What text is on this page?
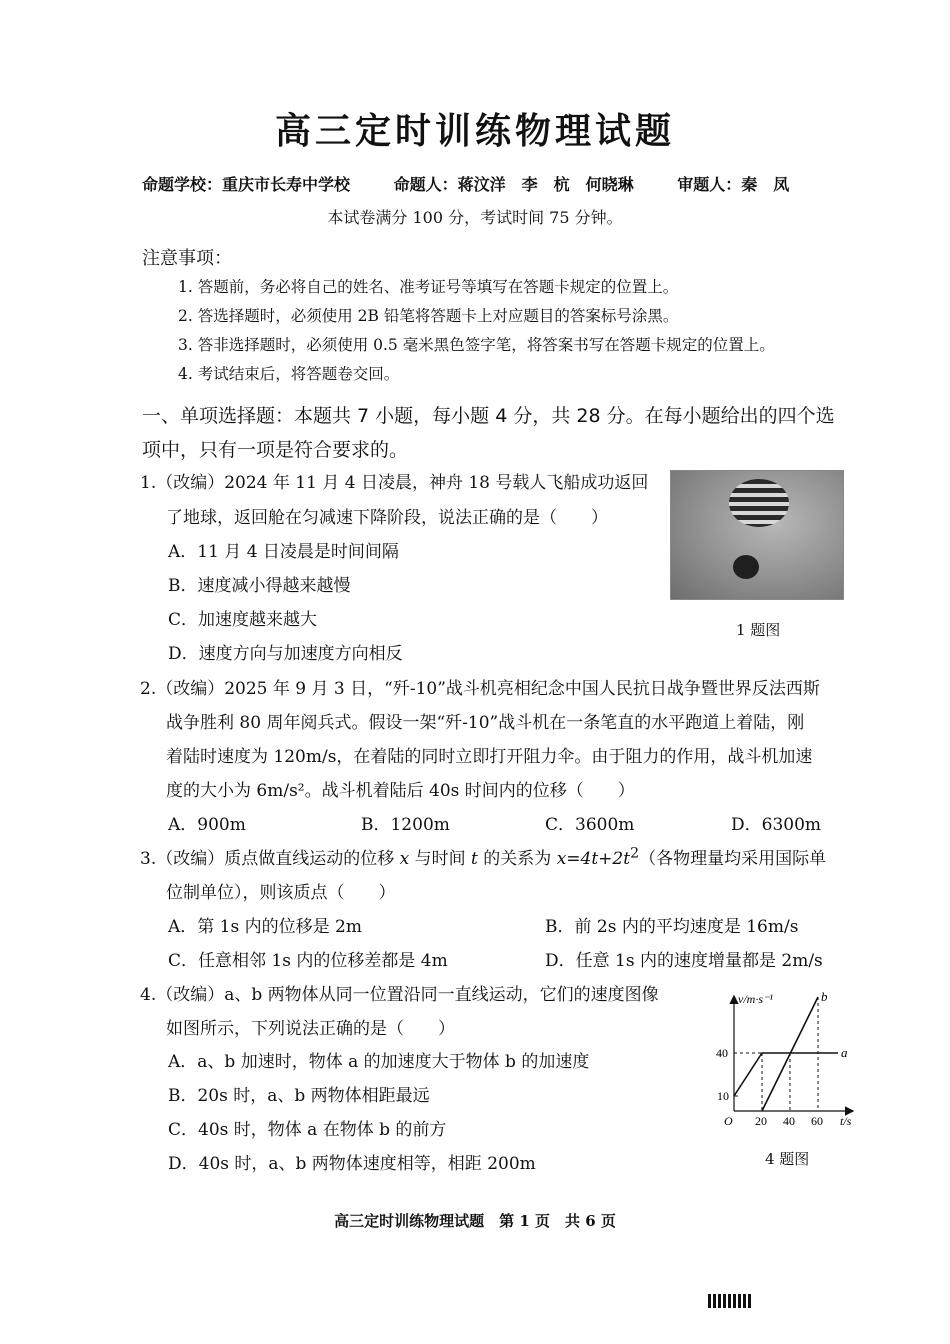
高三定时训练物理试题
命题学校：重庆市长寿中学校	命题人：蒋汶洋　李　杭　何晓琳	审题人：秦　凤
本试卷满分 100 分，考试时间 75 分钟。
注意事项：
1. 答题前，务必将自己的姓名、准考证号等填写在答题卡规定的位置上。
2. 答选择题时，必须使用 2B 铅笔将答题卡上对应题目的答案标号涂黑。
3. 答非选择题时，必须使用 0.5 毫米黑色签字笔，将答案书写在答题卡规定的位置上。
4. 考试结束后，将答题卷交回。
一、单项选择题：本题共 7 小题，每小题 4 分，共 28 分。在每小题给出的四个选项中，只有一项是符合要求的。
1.（改编）2024 年 11 月 4 日凌晨，神舟 18 号载人飞船成功返回
了地球，返回舱在匀减速下降阶段，说法正确的是（　　）
A．11 月 4 日凌晨是时间间隔
B．速度减小得越来越慢
C．加速度越来越大
D．速度方向与加速度方向相反
1 题图
2.（改编）2025 年 9 月 3 日，“歼-10”战斗机亮相纪念中国人民抗日战争暨世界反法西斯
战争胜利 80 周年阅兵式。假设一架“歼-10”战斗机在一条笔直的水平跑道上着陆，刚
着陆时速度为 120m/s，在着陆的同时立即打开阻力伞。由于阻力的作用，战斗机加速
度的大小为 6m/s²。战斗机着陆后 40s 时间内的位移（　　）
A．900m	B．1200m	C．3600m	D．6300m
3.（改编）质点做直线运动的位移 x 与时间 t 的关系为 $x=4t+2t^2$（各物理量均采用国际单
位制单位），则该质点（　　）
A．第 1s 内的位移是 2m	B．前 2s 内的平均速度是 16m/s
C．任意相邻 1s 内的位移差都是 4m	D．任意 1s 内的速度增量都是 2m/s
4.（改编）a、b 两物体从同一位置沿同一直线运动，它们的速度图像
如图所示，下列说法正确的是（　　）
A．a、b 加速时，物体 a 的加速度大于物体 b 的加速度
B．20s 时，a、b 两物体相距最远
C．40s 时，物体 a 在物体 b 的前方
D．40s 时，a、b 两物体速度相等，相距 200m
v/m·s⁻¹
t/s
O 20 40 60
10
40	a
b
4 题图
高三定时训练物理试题　第 1 页　共 6 页
